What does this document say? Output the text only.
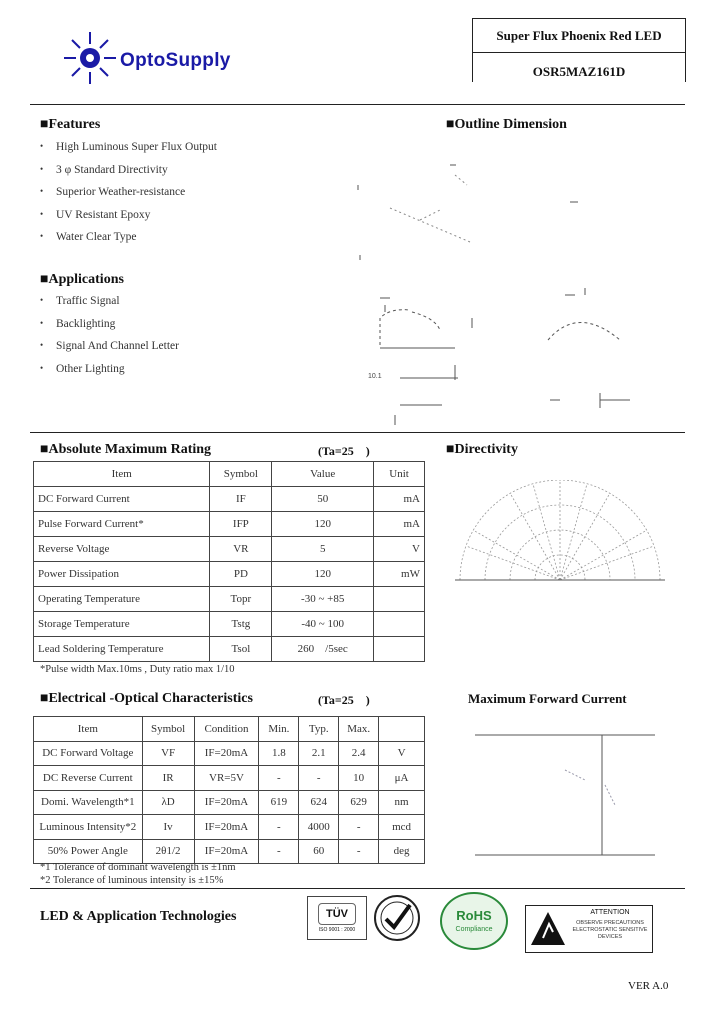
OptoSupply
Super Flux Phoenix Red LED
OSR5MAZ161D
■Features
• High Luminous Super Flux Output
• 3 φ Standard Directivity
• Superior Weather-resistance
• UV Resistant Epoxy
• Water Clear Type
■Applications
• Traffic Signal
• Backlighting
• Signal And Channel Letter
• Other Lighting
■Outline Dimension
10.1
■Absolute Maximum Rating	(Ta=25    )
Item	Symbol	Value	Unit
DC Forward Current	IF	50	mA
Pulse Forward Current*	IFP	120	mA
Reverse Voltage	VR	5	V
Power Dissipation	PD	120	mW
Operating Temperature	Topr	-30 ~ +85	
Storage Temperature	Tstg	-40 ~ 100	
Lead Soldering Temperature	Tsol	260    /5sec	
*Pulse width Max.10ms , Duty ratio max 1/10
■Directivity
■Electrical -Optical Characteristics	(Ta=25    )
Item	Symbol	Condition	Min.	Typ.	Max.	
DC Forward Voltage	VF	IF=20mA	1.8	2.1	2.4	V
DC Reverse Current	IR	VR=5V	-	-	10	μA
Domi. Wavelength*1	λD	IF=20mA	619	624	629	nm
Luminous Intensity*2	Iv	IF=20mA	-	4000	-	mcd
50% Power Angle	2θ1/2	IF=20mA	-	60	-	deg
*1 Tolerance of dominant wavelength is ±1nm
*2 Tolerance of luminous intensity is ±15%
Maximum Forward Current
LED & Application Technologies	TÜV
ISO 9001 : 2000
RoHS
Compliance
ATTENTION
OBSERVE PRECAUTIONS ELECTROSTATIC SENSITIVE DEVICES
VER A.0
